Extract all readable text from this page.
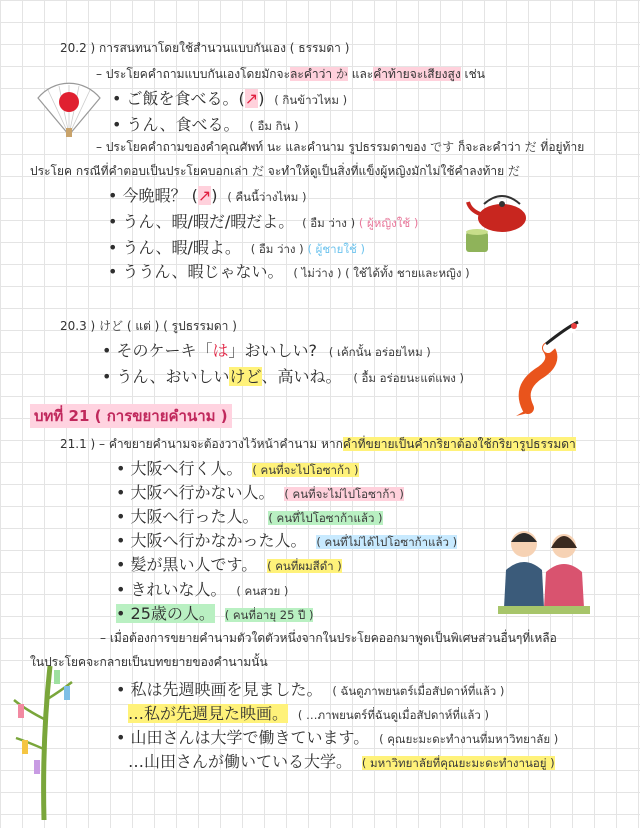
20.2 ) การสนทนาโดยใช้สำนวนแบบกันเอง ( ธรรมดา )
– ประโยคคำถามแบบกันเองโดยมักจะละคำว่า か และคำท้ายจะเสียงสูง เช่น
• ご飯を食べる。(↗) ( กินข้าวไหม )
• うん、食べる。 ( อืม กิน )
– ประโยคคำถามของคำคุณศัพท์ นะ และคำนาม รูปธรรมดาของ です ก็จะละคำว่า だ ที่อยู่ท้าย
ประโยค กรณีที่คำตอบเป็นประโยคบอกเล่า だ จะทำให้ดูเป็นสิ่งที่แข็งผู้หญิงมักไม่ใช้คำลงท้าย だ
• 今晩暇？ (↗) ( คืนนี้ว่างไหม )
• うん、暇/暇だ/暇だよ。 ( อืม ว่าง ) ( ผู้หญิงใช้ )
• うん、暇/暇よ。 ( อืม ว่าง ) ( ผู้ชายใช้ )
• ううん、暇じゃない。 ( ไม่ว่าง ) ( ใช้ได้ทั้ง ชายและหญิง )
20.3 ) けど ( แต่ ) ( รูปธรรมดา )
• そのケーキ「は」おいしい? ( เค้กนั้น อร่อยไหม )
• うん、おいしいけど、高いね。 ( อื้ม อร่อยนะแต่แพง )
บทที่ 21 ( การขยายคำนาม )
21.1 ) – คำขยายคำนามจะต้องวางไว้หน้าคำนาม หากคำที่ขยายเป็นคำกริยาต้องใช้กริยารูปธรรมดา
• 大阪へ行く人。 ( คนที่จะไปโอซาก้า )
• 大阪へ行かない人。 ( คนที่จะไม่ไปโอซาก้า )
• 大阪へ行った人。 ( คนที่ไปโอซาก้าแล้ว )
• 大阪へ行かなかった人。 ( คนที่ไม่ได้ไปโอซาก้าแล้ว )
• 髪が黒い人です。 ( คนที่ผมสีดำ )
• きれいな人。 ( คนสวย )
• 25歳の人。 ( คนที่อายุ 25 ปี )
– เมื่อต้องการขยายคำนามตัวใดตัวหนึ่งจากในประโยคออกมาพูดเป็นพิเศษส่วนอื่นๆที่เหลือ
ในประโยคจะกลายเป็นบทขยายของคำนามนั้น
• 私は先週映画を見ました。 ( ฉันดูภาพยนตร์เมื่อสัปดาห์ที่แล้ว )
…私が先週見た映画。 ( …ภาพยนตร์ที่ฉันดูเมื่อสัปดาห์ที่แล้ว )
• 山田さんは大学で働きています。 ( คุณยะมะดะทำงานที่มหาวิทยาลัย )
…山田さんが働いている大学。 ( มหาวิทยาลัยที่คุณยะมะดะทำงานอยู่ )
